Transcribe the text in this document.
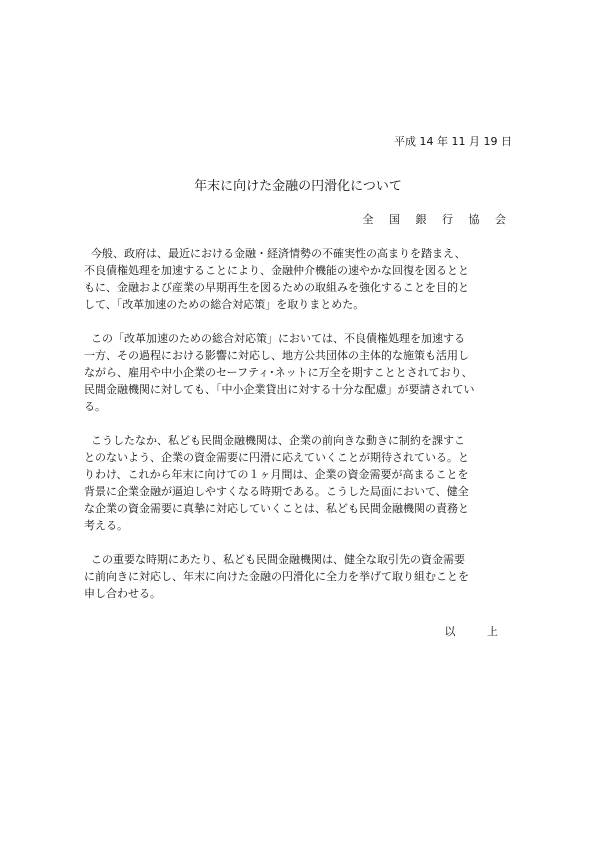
平成 14 年 11 月 19 日
年末に向けた金融の円滑化について
全 国 銀 行 協 会

今般、政府は、最近における金融・経済情勢の不確実性の高まりを踏まえ、
不良債権処理を加速することにより、金融仲介機能の速やかな回復を図るとと
もに、金融および産業の早期再生を図るための取組みを強化することを目的と
して、「改革加速のための総合対応策」を取りまとめた。

この「改革加速のための総合対応策」においては、不良債権処理を加速する
一方、その過程における影響に対応し、地方公共団体の主体的な施策も活用し
ながら、雇用や中小企業のセーフティ･ネットに万全を期すこととされており、
民間金融機関に対しても、「中小企業貸出に対する十分な配慮」が要請されてい
る。

こうしたなか、私ども民間金融機関は、企業の前向きな動きに制約を課すこ
とのないよう、企業の資金需要に円滑に応えていくことが期待されている。と
りわけ、これから年末に向けての１ヶ月間は、企業の資金需要が高まることを
背景に企業金融が逼迫しやすくなる時期である。こうした局面において、健全
な企業の資金需要に真摯に対応していくことは、私ども民間金融機関の責務と
考える。

この重要な時期にあたり、私ども民間金融機関は、健全な取引先の資金需要
に前向きに対応し、年末に向けた金融の円滑化に全力を挙げて取り組むことを
申し合わせる。

以 上
